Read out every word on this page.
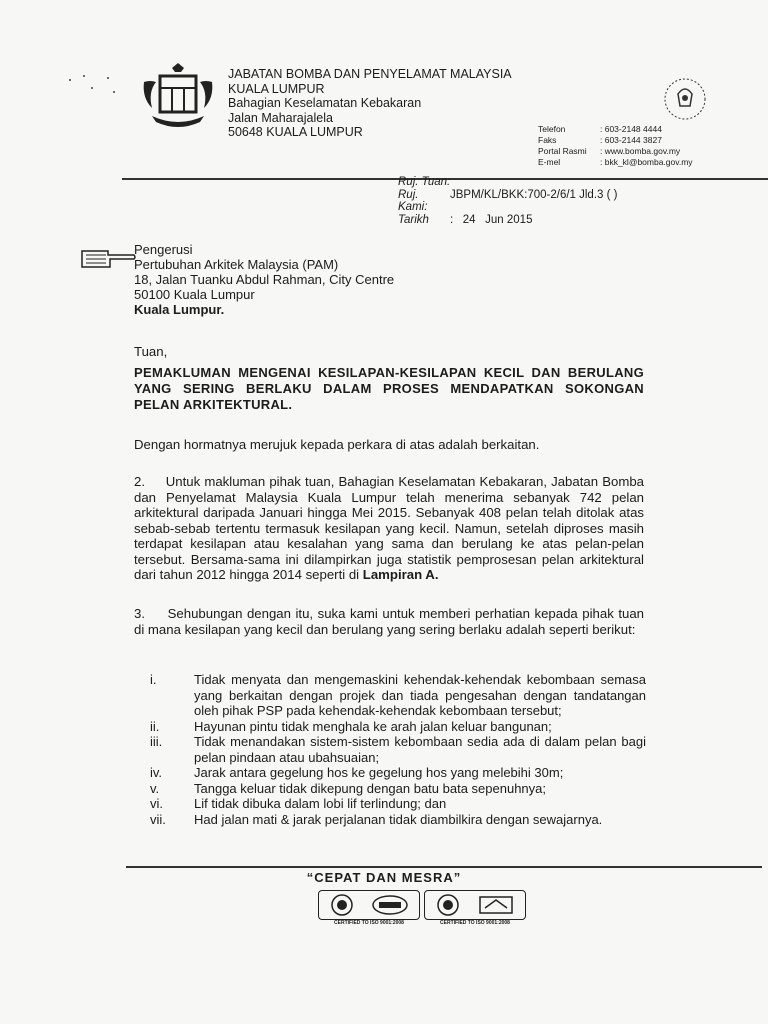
JABATAN BOMBA DAN PENYELAMAT MALAYSIA
KUALA LUMPUR
Bahagian Keselamatan Kebakaran
Jalan Maharajalela
50648 KUALA LUMPUR	Telefon	: 603-2148 4444
Faks	: 603-2144 3827
Portal Rasmi	: www.bomba.gov.my
E-mel	: bkk_kl@bomba.gov.my
Ruj. Tuan:
Ruj. Kami:
JBPM/KL/BKK:700-2/6/1 Jld.3 ( )
Tarikh	:   24   Jun 2015
Pengerusi
Pertubuhan Arkitek Malaysia (PAM)
18, Jalan Tuanku Abdul Rahman, City Centre
50100 Kuala Lumpur
Kuala Lumpur.
Tuan,
PEMAKLUMAN MENGENAI KESILAPAN-KESILAPAN KECIL DAN BERULANG YANG SERING BERLAKU DALAM PROSES MENDAPATKAN SOKONGAN PELAN ARKITEKTURAL.
Dengan hormatnya merujuk kepada perkara di atas adalah berkaitan.
2.     Untuk makluman pihak tuan, Bahagian Keselamatan Kebakaran, Jabatan Bomba dan Penyelamat Malaysia Kuala Lumpur telah menerima sebanyak 742 pelan arkitektural daripada Januari hingga Mei 2015. Sebanyak 408 pelan telah ditolak atas sebab-sebab tertentu termasuk kesilapan yang kecil. Namun, setelah diproses masih terdapat kesilapan atau kesalahan yang sama dan berulang ke atas pelan-pelan tersebut. Bersama-sama ini dilampirkan juga statistik pemprosesan pelan arkitektural dari tahun 2012 hingga 2014 seperti di Lampiran A.
3.     Sehubungan dengan itu, suka kami untuk memberi perhatian kepada pihak tuan di mana kesilapan yang kecil dan berulang yang sering berlaku adalah seperti berikut:
i.	Tidak menyata dan mengemaskini kehendak-kehendak kebombaan semasa yang berkaitan dengan projek dan tiada pengesahan dengan tandatangan oleh pihak PSP pada kehendak-kehendak kebombaan tersebut;
ii.	Hayunan pintu tidak menghala ke arah jalan keluar bangunan;
iii.	Tidak menandakan sistem-sistem kebombaan sedia ada di dalam pelan bagi pelan pindaan atau ubahsuaian;
iv.	Jarak antara gegelung hos ke gegelung hos yang melebihi 30m;
v.	Tangga keluar tidak dikepung dengan batu bata sepenuhnya;
vi.	Lif tidak dibuka dalam lobi lif terlindung; dan
vii.	Had jalan mati & jarak perjalanan tidak diambilkira dengan sewajarnya.
“CEPAT DAN MESRA”
CERTIFIED TO ISO 9001:2008	CERTIFIED TO ISO 9001:2008
